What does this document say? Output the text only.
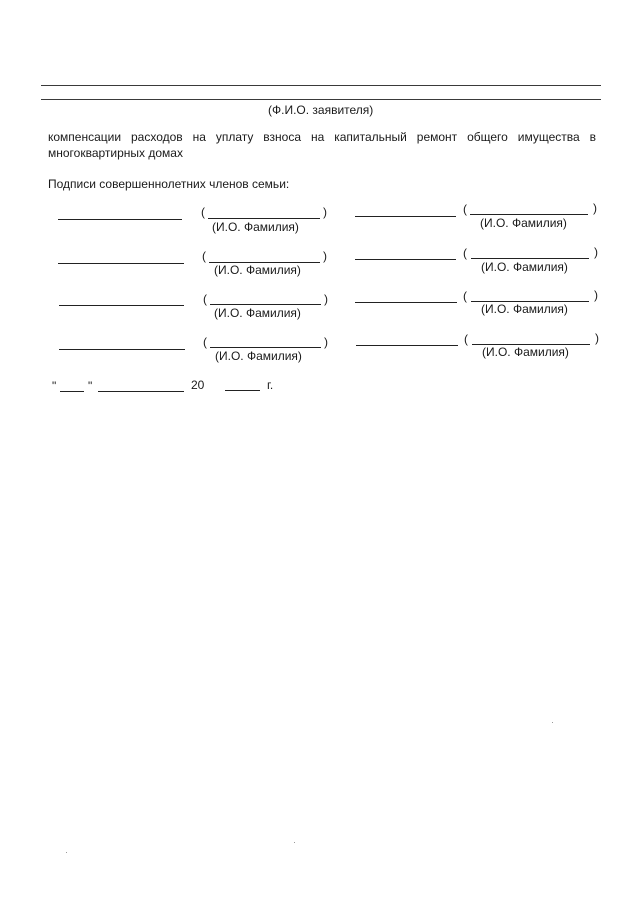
(Ф.И.О. заявителя)
компенсации расходов на уплату взноса на капитальный ремонт общего имущества в
многоквартирных домах
Подписи совершеннолетних членов семьи:
(	)
(И.О. Фамилия)
(	)
(И.О. Фамилия)
(	)
(И.О. Фамилия)
(	)
(И.О. Фамилия)
(	)
(И.О. Фамилия)
(	)
(И.О. Фамилия)
(	)
(И.О. Фамилия)
(	)
(И.О. Фамилия)
"	"	20	г.
